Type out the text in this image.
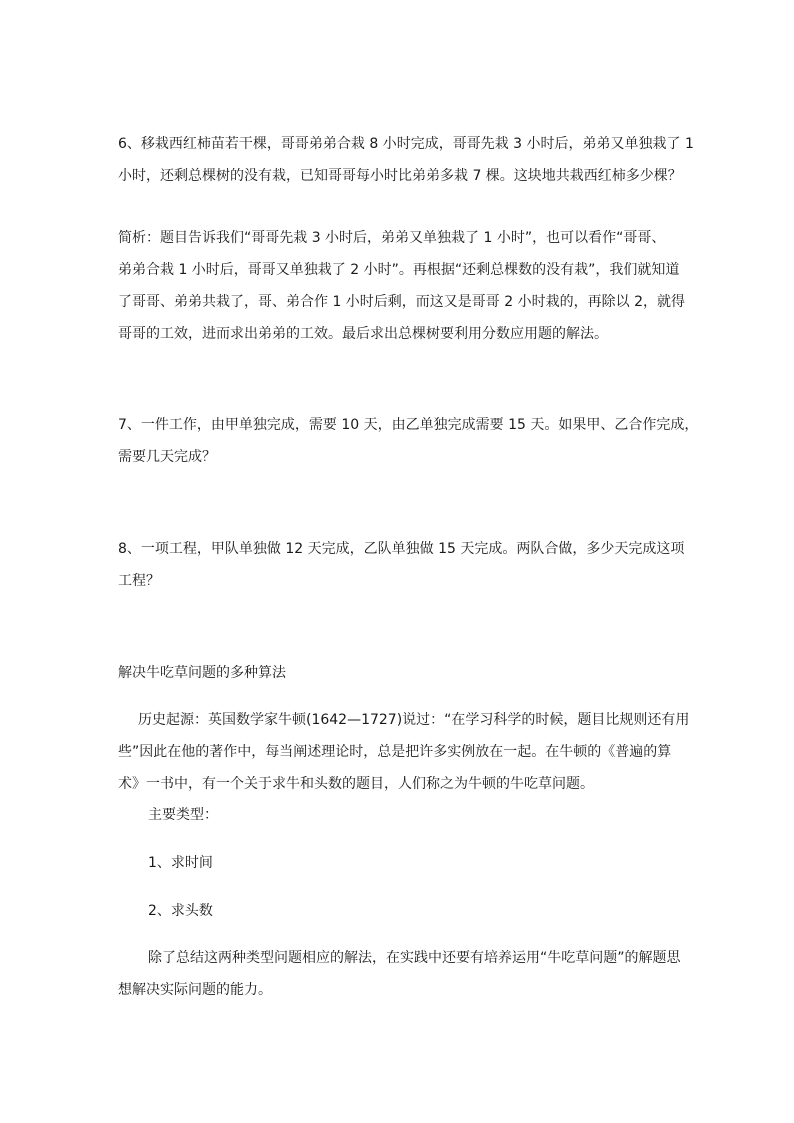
6、移栽西红柿苗若干棵，哥哥弟弟合栽 8 小时完成，哥哥先栽 3 小时后，弟弟又单独栽了 1
小时，还剩总棵树的没有栽，已知哥哥每小时比弟弟多栽 7 棵。这块地共栽西红柿多少棵？
简析：题目告诉我们“哥哥先栽 3 小时后，弟弟又单独栽了 1 小时”，也可以看作“哥哥、
弟弟合栽 1 小时后，哥哥又单独栽了 2 小时”。再根据“还剩总棵数的没有栽”，我们就知道
了哥哥、弟弟共栽了，哥、弟合作 1 小时后剩，而这又是哥哥 2 小时栽的，再除以 2，就得
哥哥的工效，进而求出弟弟的工效。最后求出总棵树要利用分数应用题的解法。
7、一件工作，由甲单独完成，需要 10 天，由乙单独完成需要 15 天。如果甲、乙合作完成，
需要几天完成？
8、一项工程，甲队单独做 12 天完成，乙队单独做 15 天完成。两队合做，多少天完成这项
工程？
解决牛吃草问题的多种算法
历史起源：英国数学家牛顿(1642—1727)说过：“在学习科学的时候，题目比规则还有用
些”因此在他的著作中，每当阐述理论时，总是把许多实例放在一起。在牛顿的《普遍的算
术》一书中，有一个关于求牛和头数的题目，人们称之为牛顿的牛吃草问题。
主要类型：
1、求时间
2、求头数
除了总结这两种类型问题相应的解法，在实践中还要有培养运用“牛吃草问题”的解题思
想解决实际问题的能力。
